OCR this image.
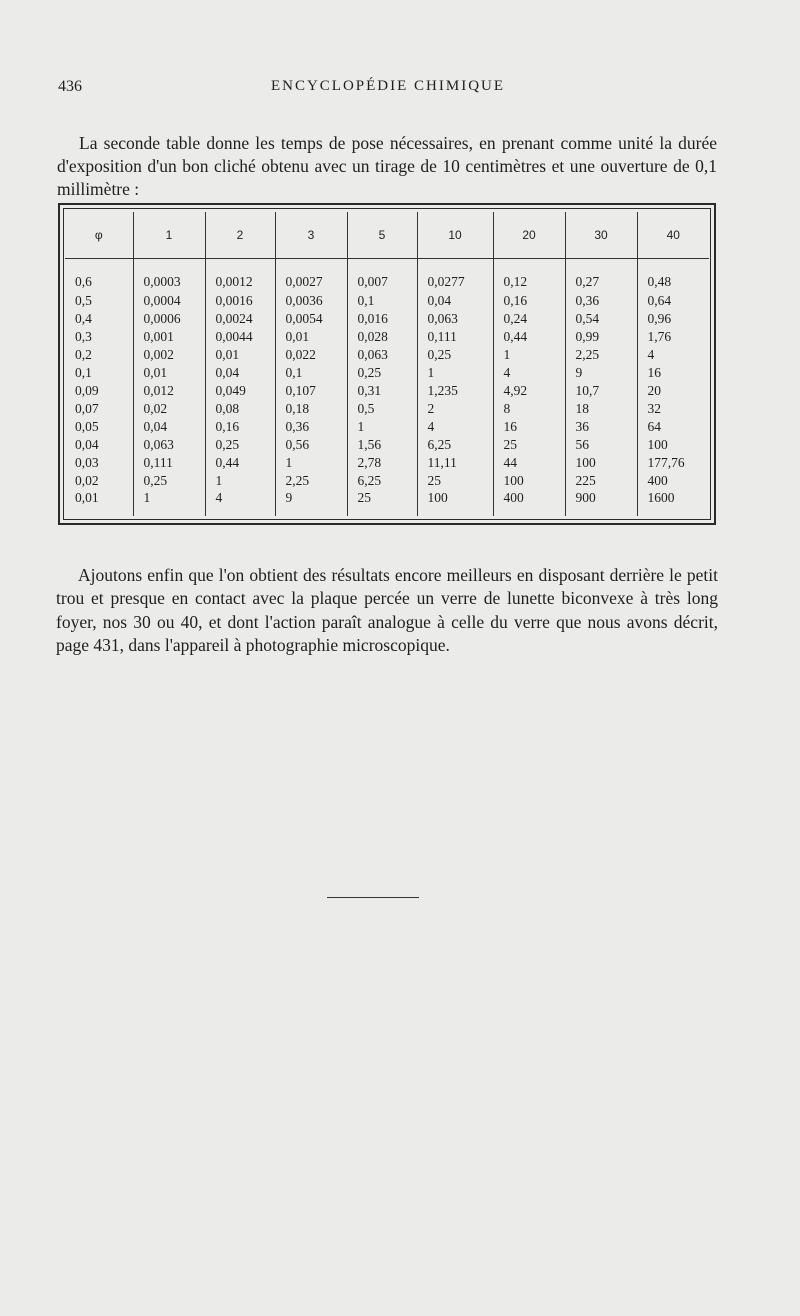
436	ENCYCLOPÉDIE CHIMIQUE

La seconde table donne les temps de pose nécessaires, en prenant comme unité la durée d'exposition d'un bon cliché obtenu avec un tirage de 10 centimètres et une ouverture de 0,1 millimètre :

φ	1	2	3	5	10	20	30	40
0,6	0,0003	0,0012	0,0027	0,007	0,0277	0,12	0,27	0,48
0,5	0,0004	0,0016	0,0036	0,1	0,04	0,16	0,36	0,64
0,4	0,0006	0,0024	0,0054	0,016	0,063	0,24	0,54	0,96
0,3	0,001	0,0044	0,01	0,028	0,111	0,44	0,99	1,76
0,2	0,002	0,01	0,022	0,063	0,25	1	2,25	4
0,1	0,01	0,04	0,1	0,25	1	4	9	16
0,09	0,012	0,049	0,107	0,31	1,235	4,92	10,7	20
0,07	0,02	0,08	0,18	0,5	2	8	18	32
0,05	0,04	0,16	0,36	1	4	16	36	64
0,04	0,063	0,25	0,56	1,56	6,25	25	56	100
0,03	0,111	0,44	1	2,78	11,11	44	100	177,76
0,02	0,25	1	2,25	6,25	25	100	225	400
0,01	1	4	9	25	100	400	900	1600

Ajoutons enfin que l'on obtient des résultats encore meilleurs en disposant derrière le petit trou et presque en contact avec la plaque percée un verre de lunette biconvexe à très long foyer, nos 30 ou 40, et dont l'action paraît analogue à celle du verre que nous avons décrit, page 431, dans l'appareil à photographie microscopique.
